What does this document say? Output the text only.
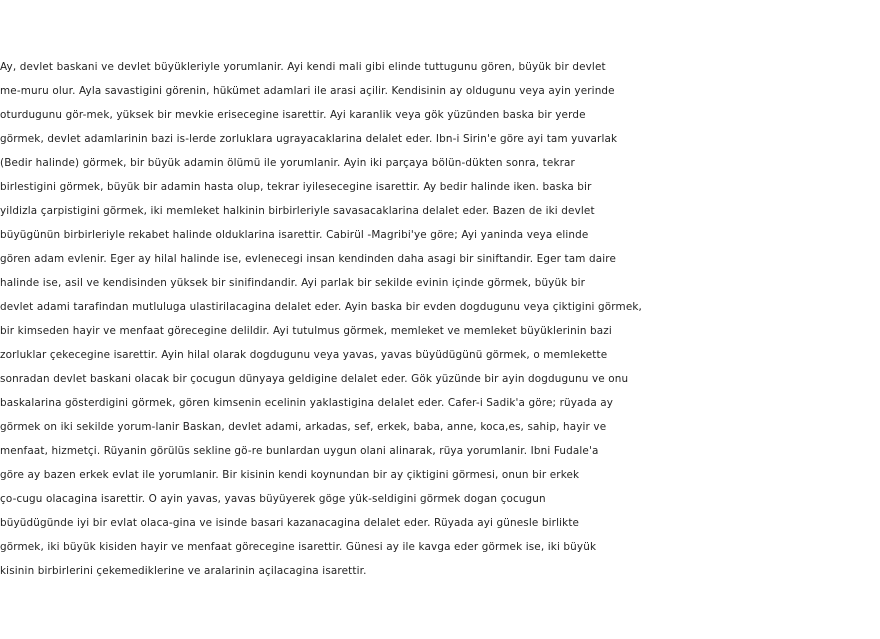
Ay, devlet baskani ve devlet büyükleriyle yorumlanir. Ayi kendi mali gibi elinde tuttugunu gören, büyük bir devlet
me-muru olur. Ayla savastigini görenin, hükümet adamlari ile arasi açilir. Kendisinin ay oldugunu veya ayin yerinde
oturdugunu gör-mek, yüksek bir mevkie erisecegine isarettir. Ayi karanlik veya gök yüzünden baska bir yerde
görmek, devlet adamlarinin bazi is-lerde zorluklara ugrayacaklarina delalet eder. Ibn-i Sirin'e göre ayi tam yuvarlak
(Bedir halinde) görmek, bir büyük adamin ölümü ile yorumlanir. Ayin iki parçaya bölün-dükten sonra, tekrar
birlestigini görmek, büyük bir adamin hasta olup, tekrar iyilesecegine isarettir. Ay bedir halinde iken. baska bir
yildizla çarpistigini görmek, iki memleket halkinin birbirleriyle savasacaklarina delalet eder. Bazen de iki devlet
büyügünün birbirleriyle rekabet halinde olduklarina isarettir. Cabirül -Magribi'ye göre; Ayi yaninda veya elinde
gören adam evlenir. Eger ay hilal halinde ise, evlenecegi insan kendinden daha asagi bir siniftandir. Eger tam daire
halinde ise, asil ve kendisinden yüksek bir sinifindandir. Ayi parlak bir sekilde evinin içinde görmek, büyük bir
devlet adami tarafindan mutluluga ulastirilacagina delalet eder. Ayin baska bir evden dogdugunu veya çiktigini görmek,
bir kimseden hayir ve menfaat görecegine delildir. Ayi tutulmus görmek, memleket ve memleket büyüklerinin bazi
zorluklar çekecegine isarettir. Ayin hilal olarak dogdugunu veya yavas, yavas büyüdügünü görmek, o memlekette
sonradan devlet baskani olacak bir çocugun dünyaya geldigine delalet eder. Gök yüzünde bir ayin dogdugunu ve onu
baskalarina gösterdigini görmek, gören kimsenin ecelinin yaklastigina delalet eder. Cafer-i Sadik'a göre; rüyada ay
görmek on iki sekilde yorum-lanir Baskan, devlet adami, arkadas, sef, erkek, baba, anne, koca,es, sahip, hayir ve
menfaat, hizmetçi. Rüyanin görülüs sekline gö-re bunlardan uygun olani alinarak, rüya yorumlanir. Ibni Fudale'a
göre ay bazen erkek evlat ile yorumlanir. Bir kisinin kendi koynundan bir ay çiktigini görmesi, onun bir erkek
ço-cugu olacagina isarettir. O ayin yavas, yavas büyüyerek göge yük-seldigini görmek dogan çocugun
büyüdügünde iyi bir evlat olaca-gina ve isinde basari kazanacagina delalet eder. Rüyada ayi günesle birlikte
görmek, iki büyük kisiden hayir ve menfaat görecegine isarettir. Günesi ay ile kavga eder görmek ise, iki büyük
kisinin birbirlerini çekemediklerine ve aralarinin açilacagina isarettir.
